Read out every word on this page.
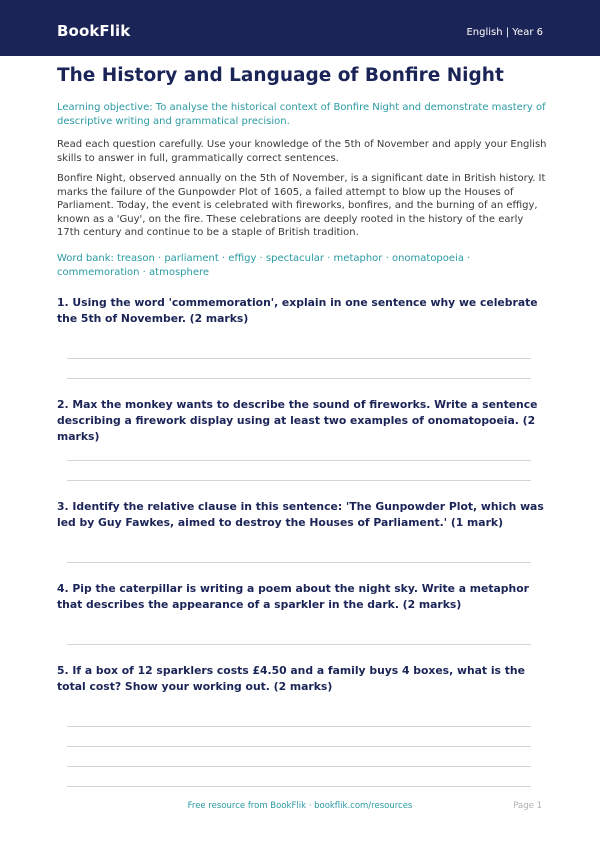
BookFlik	English | Year 6
The History and Language of Bonfire Night

Learning objective: To analyse the historical context of Bonfire Night and demonstrate mastery of descriptive writing and grammatical precision.

Read each question carefully. Use your knowledge of the 5th of November and apply your English skills to answer in full, grammatically correct sentences.

Bonfire Night, observed annually on the 5th of November, is a significant date in British history. It marks the failure of the Gunpowder Plot of 1605, a failed attempt to blow up the Houses of Parliament. Today, the event is celebrated with fireworks, bonfires, and the burning of an effigy, known as a 'Guy', on the fire. These celebrations are deeply rooted in the history of the early 17th century and continue to be a staple of British tradition.

Word bank: treason · parliament · effigy · spectacular · metaphor · onomatopoeia · commemoration · atmosphere

1. Using the word 'commemoration', explain in one sentence why we celebrate the 5th of November. (2 marks)

2. Max the monkey wants to describe the sound of fireworks. Write a sentence describing a firework display using at least two examples of onomatopoeia. (2 marks)

3. Identify the relative clause in this sentence: 'The Gunpowder Plot, which was led by Guy Fawkes, aimed to destroy the Houses of Parliament.' (1 mark)

4. Pip the caterpillar is writing a poem about the night sky. Write a metaphor that describes the appearance of a sparkler in the dark. (2 marks)

5. If a box of 12 sparklers costs £4.50 and a family buys 4 boxes, what is the total cost? Show your working out. (2 marks)

Free resource from BookFlik · bookflik.com/resources	Page 1
